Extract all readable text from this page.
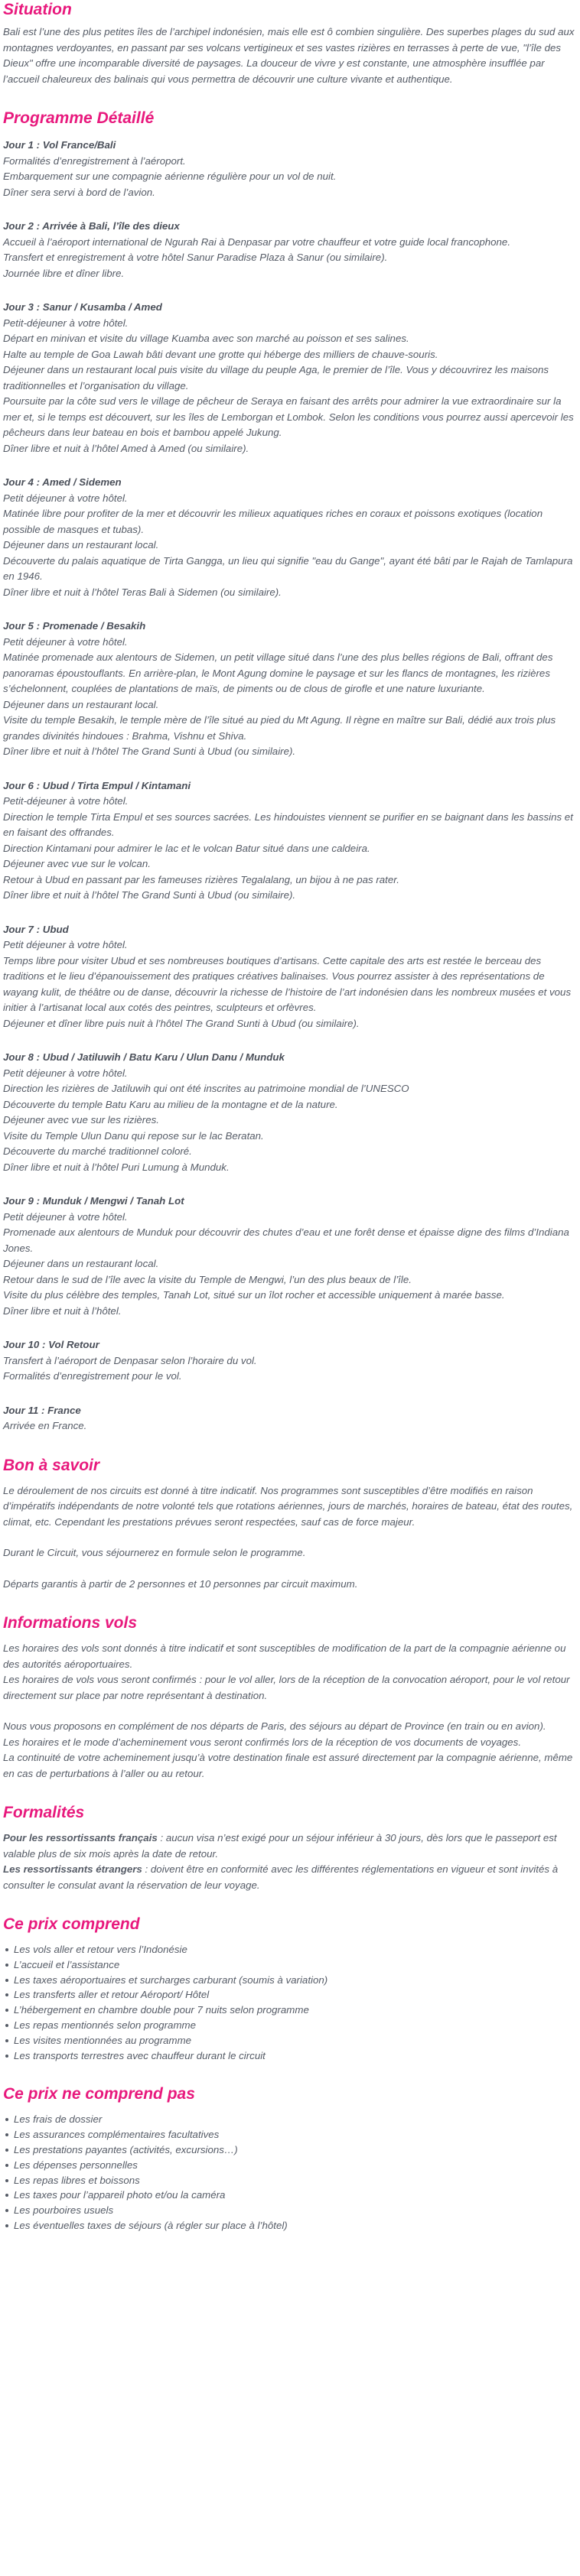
Situation

Bali est l’une des plus petites îles de l’archipel indonésien, mais elle est ô combien singulière. Des superbes plages du sud aux montagnes verdoyantes, en passant par ses volcans vertigineux et ses vastes rizières en terrasses à perte de vue, "l’île des Dieux" offre une incomparable diversité de paysages. La douceur de vivre y est constante, une atmosphère insufflée par l’accueil chaleureux des balinais qui vous permettra de découvrir une culture vivante et authentique.

Programme Détaillé
Jour 1 : Vol France/Bali
Formalités d’enregistrement à l’aéroport.
Embarquement sur une compagnie aérienne régulière pour un vol de nuit.
Dîner sera servi à bord de l’avion.
Jour 2 : Arrivée à Bali, l’île des dieux
Accueil à l’aéroport international de Ngurah Rai à Denpasar par votre chauffeur et votre guide local francophone.
Transfert et enregistrement à votre hôtel Sanur Paradise Plaza à Sanur (ou similaire).
Journée libre et dîner libre.
Jour 3 : Sanur / Kusamba / Amed
Petit-déjeuner à votre hôtel.
Départ en minivan et visite du village Kuamba avec son marché au poisson et ses salines.
Halte au temple de Goa Lawah bâti devant une grotte qui héberge des milliers de chauve-souris.
Déjeuner dans un restaurant local puis visite du village du peuple Aga, le premier de l’île. Vous y découvrirez les maisons traditionnelles et l’organisation du village.
Poursuite par la côte sud vers le village de pêcheur de Seraya en faisant des arrêts pour admirer la vue extraordinaire sur la mer et, si le temps est découvert, sur les îles de Lemborgan et Lombok. Selon les conditions vous pourrez aussi apercevoir les pêcheurs dans leur bateau en bois et bambou appelé Jukung.
Dîner libre et nuit à l’hôtel Amed à Amed (ou similaire).
Jour 4 : Amed / Sidemen
Petit déjeuner à votre hôtel.
Matinée libre pour profiter de la mer et découvrir les milieux aquatiques riches en coraux et poissons exotiques (location possible de masques et tubas).
Déjeuner dans un restaurant local.
Découverte du palais aquatique de Tirta Gangga, un lieu qui signifie "eau du Gange", ayant été bâti par le Rajah de Tamlapura en 1946.
Dîner libre et nuit à l’hôtel Teras Bali à Sidemen (ou similaire).
Jour 5 : Promenade / Besakih
Petit déjeuner à votre hôtel.
Matinée promenade aux alentours de Sidemen, un petit village situé dans l’une des plus belles régions de Bali, offrant des panoramas époustouflants. En arrière-plan, le Mont Agung domine le paysage et sur les flancs de montagnes, les rizières s’échelonnent, couplées de plantations de maïs, de piments ou de clous de girofle et une nature luxuriante.
Déjeuner dans un restaurant local.
Visite du temple Besakih, le temple mère de l’île situé au pied du Mt Agung. Il règne en maître sur Bali, dédié aux trois plus grandes divinités hindoues : Brahma, Vishnu et Shiva.
Dîner libre et nuit à l’hôtel The Grand Sunti à Ubud (ou similaire).
Jour 6 : Ubud / Tirta Empul / Kintamani
Petit-déjeuner à votre hôtel.
Direction le temple Tirta Empul et ses sources sacrées. Les hindouistes viennent se purifier en se baignant dans les bassins et en faisant des offrandes.
Direction Kintamani pour admirer le lac et le volcan Batur situé dans une caldeira.
Déjeuner avec vue sur le volcan.
Retour à Ubud en passant par les fameuses rizières Tegalalang, un bijou à ne pas rater.
Dîner libre et nuit à l’hôtel The Grand Sunti à Ubud (ou similaire).
Jour 7 : Ubud
Petit déjeuner à votre hôtel.
Temps libre pour visiter Ubud et ses nombreuses boutiques d’artisans. Cette capitale des arts est restée le berceau des traditions et le lieu d’épanouissement des pratiques créatives balinaises. Vous pourrez assister à des représentations de wayang kulit, de théâtre ou de danse, découvrir la richesse de l’histoire de l’art indonésien dans les nombreux musées et vous initier à l’artisanat local aux cotés des peintres, sculpteurs et orfèvres.
Déjeuner et dîner libre puis nuit à l’hôtel The Grand Sunti à Ubud (ou similaire).
Jour 8 : Ubud / Jatiluwih / Batu Karu / Ulun Danu / Munduk
Petit déjeuner à votre hôtel.
Direction les rizières de Jatiluwih qui ont été inscrites au patrimoine mondial de l’UNESCO
Découverte du temple Batu Karu au milieu de la montagne et de la nature.
Déjeuner avec vue sur les rizières.
Visite du Temple Ulun Danu qui repose sur le lac Beratan.
Découverte du marché traditionnel coloré.
Dîner libre et nuit à l’hôtel Puri Lumung à Munduk.
Jour 9 : Munduk / Mengwi / Tanah Lot
Petit déjeuner à votre hôtel.
Promenade aux alentours de Munduk pour découvrir des chutes d’eau et une forêt dense et épaisse digne des films d’Indiana Jones.
Déjeuner dans un restaurant local.
Retour dans le sud de l’île avec la visite du Temple de Mengwi, l’un des plus beaux de l’île.
Visite du plus célèbre des temples, Tanah Lot, situé sur un îlot rocher et accessible uniquement à marée basse.
Dîner libre et nuit à l’hôtel.
Jour 10 : Vol Retour
Transfert à l’aéroport de Denpasar selon l’horaire du vol.
Formalités d’enregistrement pour le vol.
Jour 11 : France
Arrivée en France.
Bon à savoir

Le déroulement de nos circuits est donné à titre indicatif. Nos programmes sont susceptibles d’être modifiés en raison d’impératifs indépendants de notre volonté tels que rotations aériennes, jours de marchés, horaires de bateau, état des routes, climat, etc. Cependant les prestations prévues seront respectées, sauf cas de force majeur.

Durant le Circuit, vous séjournerez en formule selon le programme.

Départs garantis à partir de 2 personnes et 10 personnes par circuit maximum.

Informations vols

Les horaires des vols sont donnés à titre indicatif et sont susceptibles de modification de la part de la compagnie aérienne ou des autorités aéroportuaires.

Les horaires de vols vous seront confirmés : pour le vol aller, lors de la réception de la convocation aéroport, pour le vol retour directement sur place par notre représentant à destination.

Nous vous proposons en complément de nos départs de Paris, des séjours au départ de Province (en train ou en avion).

Les horaires et le mode d’acheminement vous seront confirmés lors de la réception de vos documents de voyages.

La continuité de votre acheminement jusqu’à votre destination finale est assuré directement par la compagnie aérienne, même en cas de perturbations à l’aller ou au retour.

Formalités

Pour les ressortissants français : aucun visa n’est exigé pour un séjour inférieur à 30 jours, dès lors que le passeport est valable plus de six mois après la date de retour.

Les ressortissants étrangers : doivent être en conformité avec les différentes réglementations en vigueur et sont invités à consulter le consulat avant la réservation de leur voyage.

Ce prix comprend
Les vols aller et retour vers l’Indonésie
L’accueil et l’assistance
Les taxes aéroportuaires et surcharges carburant (soumis à variation)
Les transferts aller et retour Aéroport/ Hôtel
L’hébergement en chambre double pour 7 nuits selon programme
Les repas mentionnés selon programme
Les visites mentionnées au programme
Les transports terrestres avec chauffeur durant le circuit
Ce prix ne comprend pas
Les frais de dossier
Les assurances complémentaires facultatives
Les prestations payantes (activités, excursions…)
Les dépenses personnelles
Les repas libres et boissons
Les taxes pour l’appareil photo et/ou la caméra
Les pourboires usuels
Les éventuelles taxes de séjours (à régler sur place à l’hôtel)
